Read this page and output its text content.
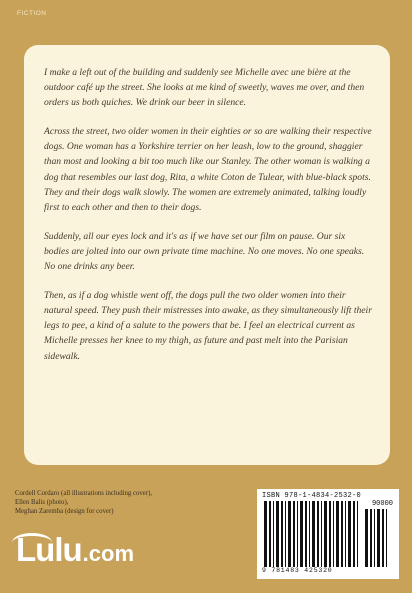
FICTION

I make a left out of the building and suddenly see Michelle avec une bière at the outdoor café up the street. She looks at me kind of sweetly, waves me over, and then orders us both quiches. We drink our beer in silence.

Across the street, two older women in their eighties or so are walking their respective dogs. One woman has a Yorkshire terrier on her leash, low to the ground, shaggier than most and looking a bit too much like our Stanley. The other woman is walking a dog that resembles our last dog, Rita, a white Coton de Tulear, with blue-black spots. They and their dogs walk slowly. The women are extremely animated, talking loudly first to each other and then to their dogs.

Suddenly, all our eyes lock and it's as if we have set our film on pause. Our six bodies are jolted into our own private time machine. No one moves. No one speaks. No one drinks any beer.

Then, as if a dog whistle went off, the dogs pull the two older women into their natural speed. They push their mistresses into awake, as they simultaneously lift their legs to pee, a kind of a salute to the powers that be. I feel an electrical current as Michelle presses her knee to my thigh, as future and past melt into the Parisian sidewalk.

Cordell Cordaro (all illustrations including cover),
Ellen Balis (photo),
Meghan Zaremba (design for cover)
Lulu .com
ISBN 978-1-4834-2532-0
90000
9 781483 425320
